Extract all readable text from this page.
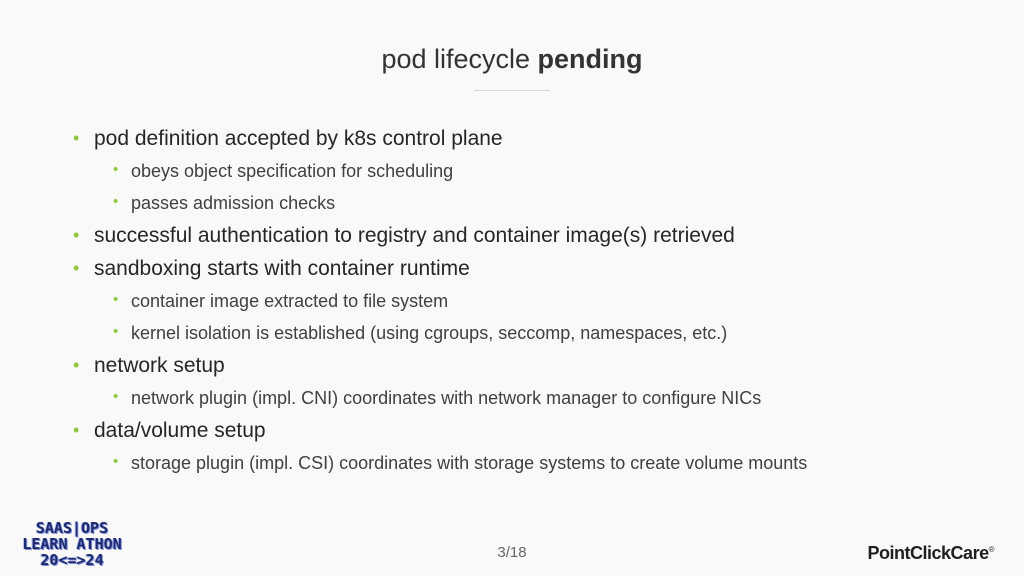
pod lifecycle pending
• pod definition accepted by k8s control plane
• obeys object specification for scheduling
• passes admission checks
• successful authentication to registry and container image(s) retrieved
• sandboxing starts with container runtime
• container image extracted to file system
• kernel isolation is established (using cgroups, seccomp, namespaces, etc.)
• network setup
• network plugin (impl. CNI) coordinates with network manager to configure NICs
• data/volume setup
• storage plugin (impl. CSI) coordinates with storage systems to create volume mounts
SAAS|OPS
LEARN ATHON
20<=>24	3/18	PointClickCare®
